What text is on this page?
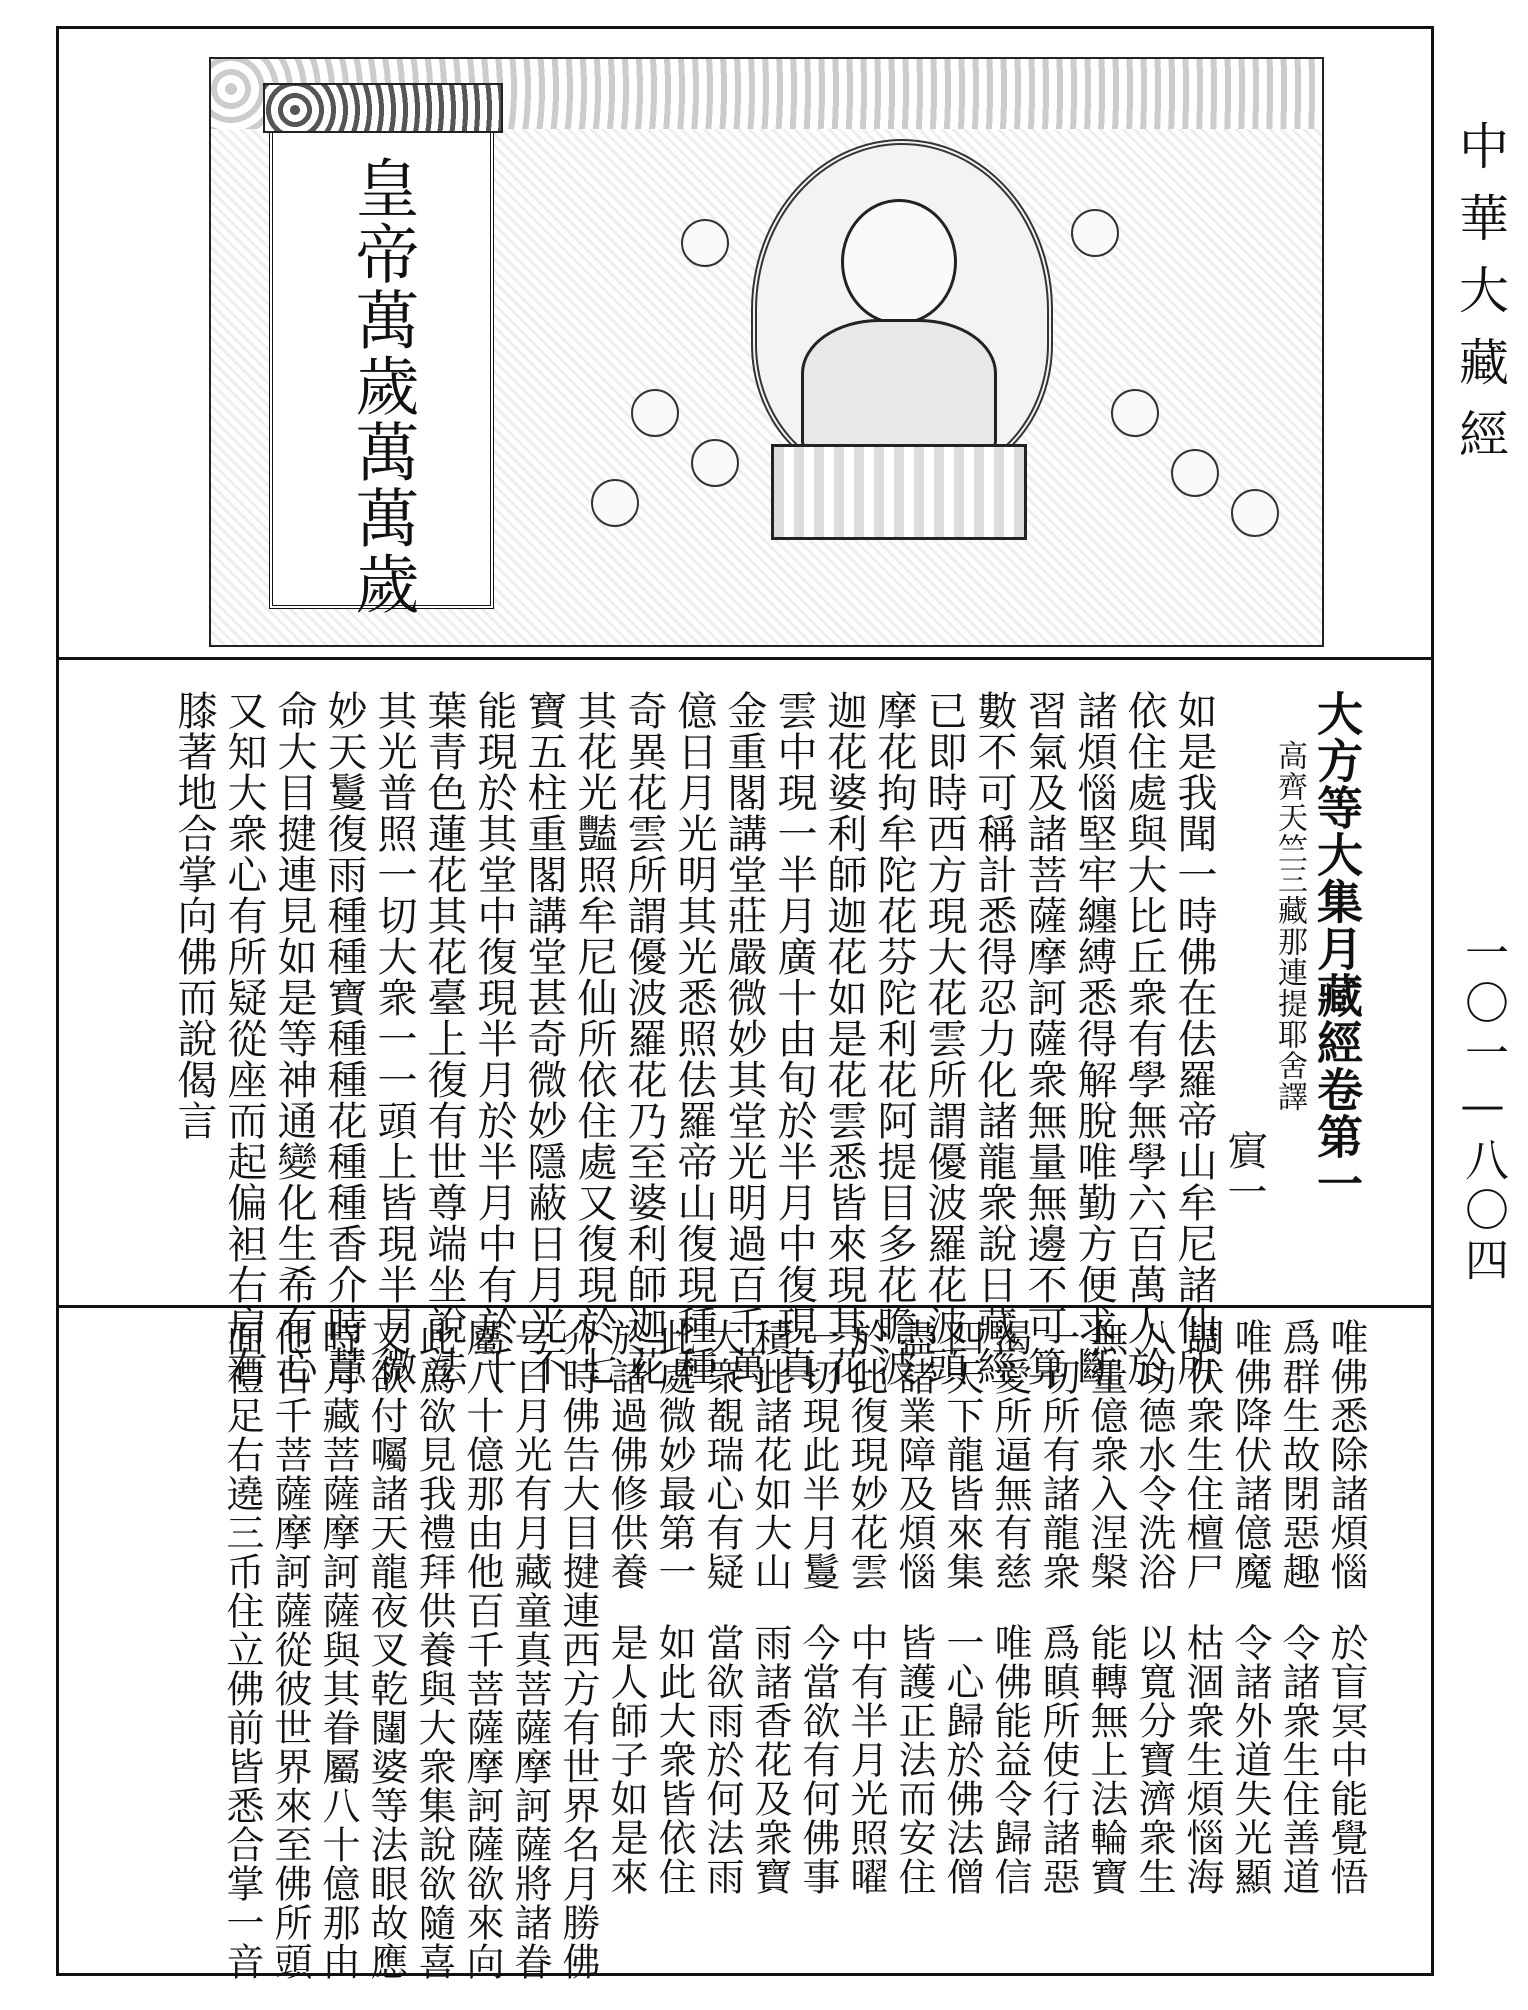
皇帝萬歲萬萬歲	中華大藏經
一〇一—八〇四
大方等大集月藏經卷第一
高齊天竺三藏那連提耶舍譯
賔一
如是我聞一時佛在佉羅帝山牟尼諸仙所
依住處與大比丘衆有學無學六百萬人於
諸煩惱堅牢纏縛悉得解脫唯勤方便求斷
習氣及諸菩薩摩訶薩衆無量無邊不可算
數不可稱計悉得忍力化諸龍衆說日藏經
已即時西方現大花雲所謂優波羅花波頭
摩花拘牟陀花芬陀利花阿提目多花瞻波
迦花婆利師迦花如是花雲悉皆來現其花
雲中現一半月廣十由旬於半月中復現真
金重閣講堂莊嚴微妙其堂光明過百千萬
億日月光明其光悉照佉羅帝山復現種種
奇異花雲所謂優波羅花乃至婆利師迦花
其花光豔照牟尼仙所依住處又復現於七
寶五柱重閣講堂甚奇微妙隱蔽日月光不
能現於其堂中復現半月於半月中有於千
葉青色蓮花其花臺上復有世尊端坐說法
其光普照一切大衆一一頭上皆現半月微
妙天鬘復雨種種寶種種花種種香介時慧
命大目揵連見如是等神通變化生希有心
又知大衆心有所疑從座而起偏袒右肩右
膝著地合掌向佛而說偈言
唯佛悉除諸煩惱
於盲冥中能覺悟
爲群生故閉惡趣
令諸衆生住善道
唯佛降伏諸億魔
令諸外道失光顯
調伏衆生住檀尸
枯涸衆生煩惱海
八功德水令洗浴
以寬分寶濟衆生
無量億衆入涅槃
能轉無上法輪寶
一切所有諸龍衆
爲瞋所使行諸惡
渴愛所逼無有慈
唯佛能益令歸信
四天下龍皆來集
一心歸於佛法僧
盡諸業障及煩惱
皆護正法而安住
於此復現妙花雲
中有半月光照曜
一切現此半月鬘
今當欲有何佛事
積此諸花如大山
雨諸香花及衆寶
大衆覩瑞心有疑
當欲雨於何法雨
此處微妙最第一
如此大衆皆依住
於諸過佛修供養
是人師子如是來
介時佛告大目揵連西方有世界名月勝佛
号日月光有月藏童真菩薩摩訶薩將諸眷
屬八十億那由他百千菩薩摩訶薩欲來向
此爲欲見我禮拜供養與大衆集說欲隨喜
又欲付囑諸天龍夜叉乾闥婆等法眼故應
時月藏菩薩摩訶薩與其眷屬八十億那由
他百千菩薩摩訶薩從彼世界來至佛所頭
面禮足右遶三币住立佛前皆悉合掌一音
